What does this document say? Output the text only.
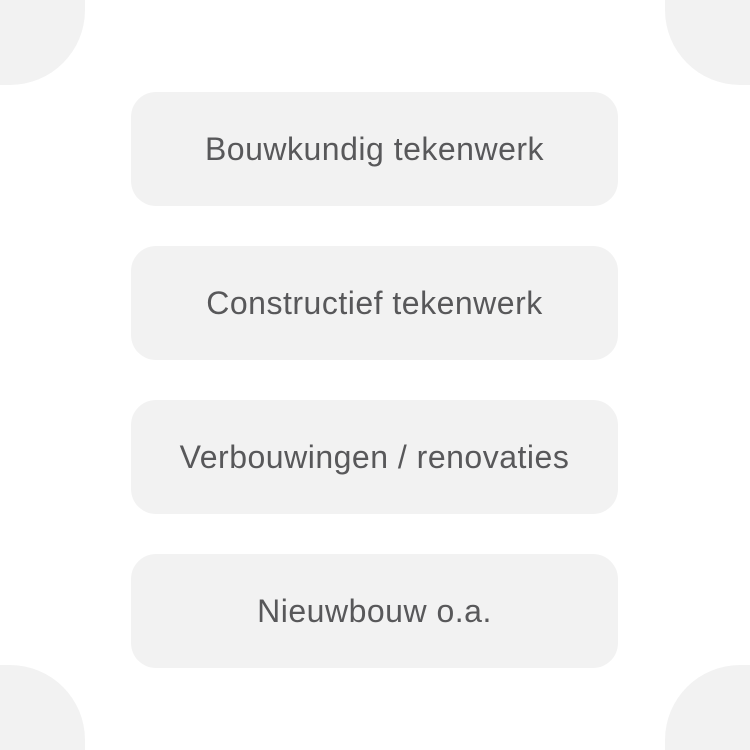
Bouwkundig tekenwerk
Constructief tekenwerk
Verbouwingen / renovaties
Nieuwbouw o.a.
